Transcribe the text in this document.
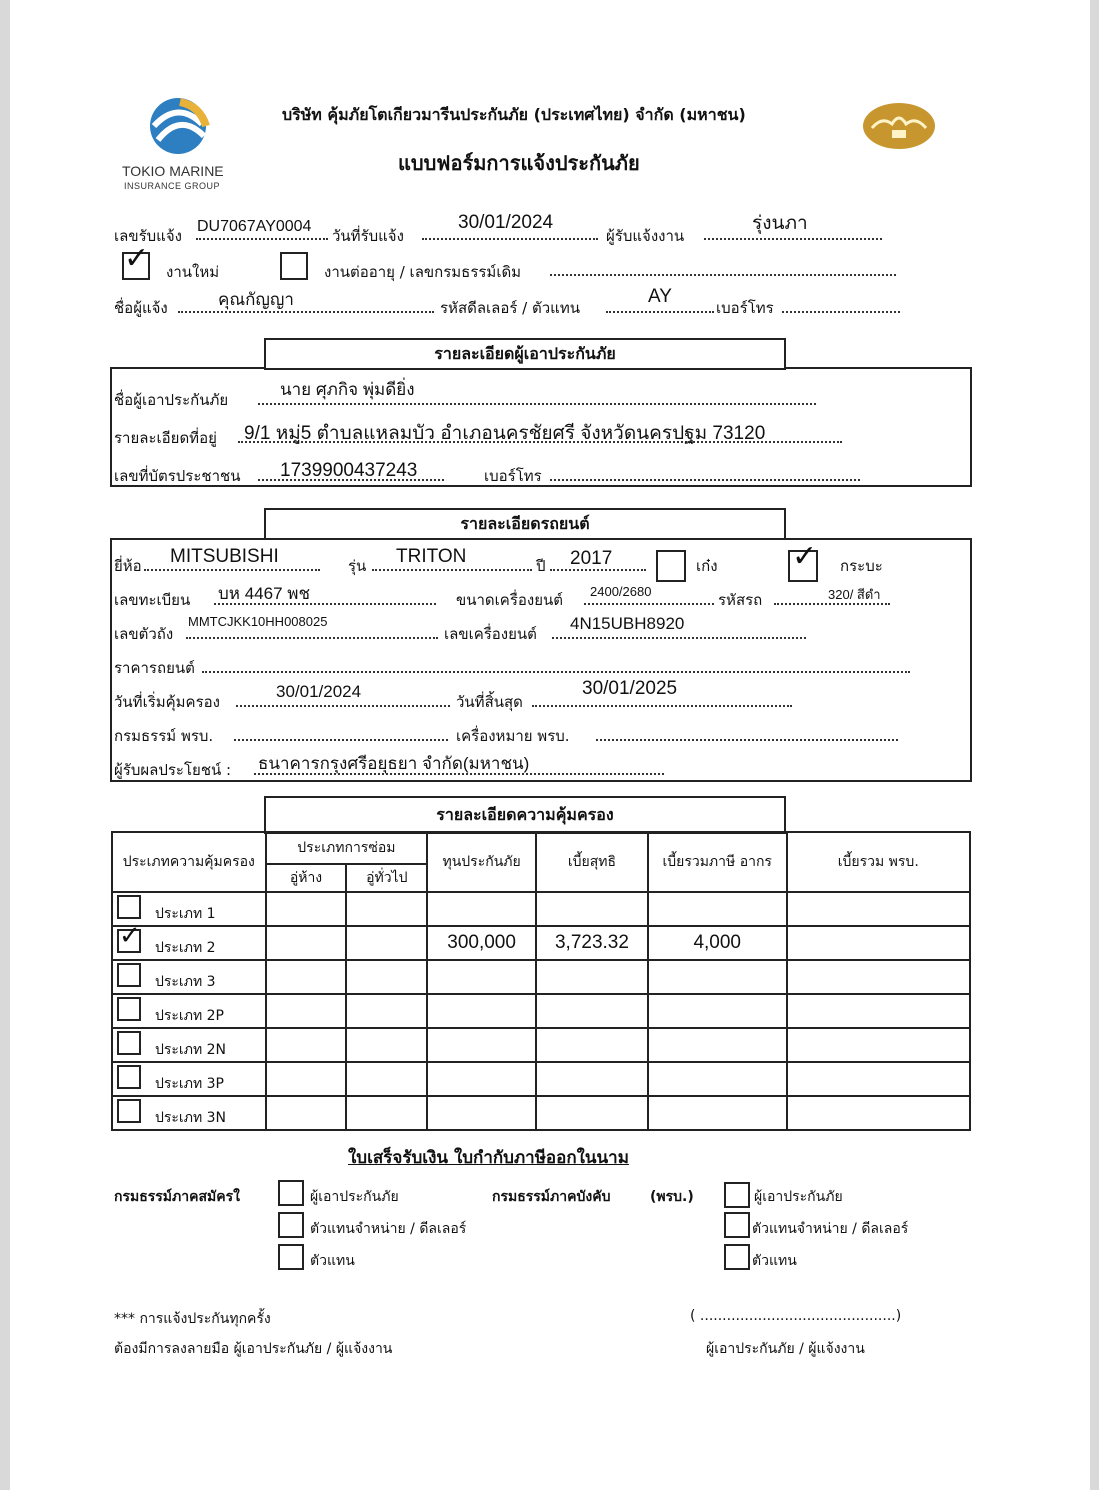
TOKIO MARINE
INSURANCE GROUP
บริษัท คุ้มภัยโตเกียวมารีนประกันภัย (ประเทศไทย) จำกัด (มหาชน)
แบบฟอร์มการแจ้งประกันภัย
เลขรับแจ้ง
DU7067AY0004
วันที่รับแจ้ง
30/01/2024
ผู้รับแจ้งงาน
รุ่งนภา
✓ งานใหม่	งานต่ออายุ / เลขกรมธรรม์เดิม
ชื่อผู้แจ้ง	คุณกัญญา	รหัสดีลเลอร์ / ตัวแทน
AY
เบอร์โทร
รายละเอียดผู้เอาประกันภัย
ชื่อผู้เอาประกันภัย
นาย ศุภกิจ พุ่มดียิ่ง
รายละเอียดที่อยู่ 9/1 หมู่5 ตำบลแหลมบัว อำเภอนครชัยศรี จังหวัดนครปฐม 73120
เลขที่บัตรประชาชน 1739900437243	เบอร์โทร
รายละเอียดรถยนต์
ยี่ห้อ MITSUBISHI	รุ่น TRITON	ปี 2017	เก๋ง ✓ กระบะ
เลขทะเบียน บห 4467 พช	ขนาดเครื่องยนต์ 2400/2680	รหัสรถ	320/ สีดำ
เลขตัวถัง
MMTCJKK10HH008025
เลขเครื่องยนต์
4N15UBH8920
ราคารถยนต์
วันที่เริ่มคุ้มครอง
30/01/2024
วันที่สิ้นสุด
30/01/2025
กรมธรรม์ พรบ.	เครื่องหมาย พรบ.
ผู้รับผลประโยชน์ : ธนาคารกรุงศรีอยุธยา จำกัด(มหาชน)
รายละเอียดความคุ้มครอง
ประเภทความคุ้มครอง	ประเภทการซ่อม		ทุนประกันภัย	เบี้ยสุทธิ	เบี้ยรวมภาษี อากร	เบี้ยรวม พรบ.
	อู่ห้าง	อู่ทั่วไป				

ประเภท 1						

✓ ประเภท 2			300,000	3,723.32	4,000	

ประเภท 3						

ประเภท 2P						

ประเภท 2N						

ประเภท 3P						

ประเภท 3N						

ใบเสร็จรับเงิน ใบกำกับภาษีออกในนาม
กรมธรรม์ภาคสมัครใ	ผู้เอาประกันภัย
ตัวแทนจำหน่าย / ดีลเลอร์
ตัวแทน
กรมธรรม์ภาคบังคับ	(พรบ.)	ผู้เอาประกันภัย
ตัวแทนจำหน่าย / ดีลเลอร์
ตัวแทน
*** การแจ้งประกันทุกครั้ง
ต้องมีการลงลายมือ ผู้เอาประกันภัย / ผู้แจ้งงาน
( ............................................)
ผู้เอาประกันภัย / ผู้แจ้งงาน
